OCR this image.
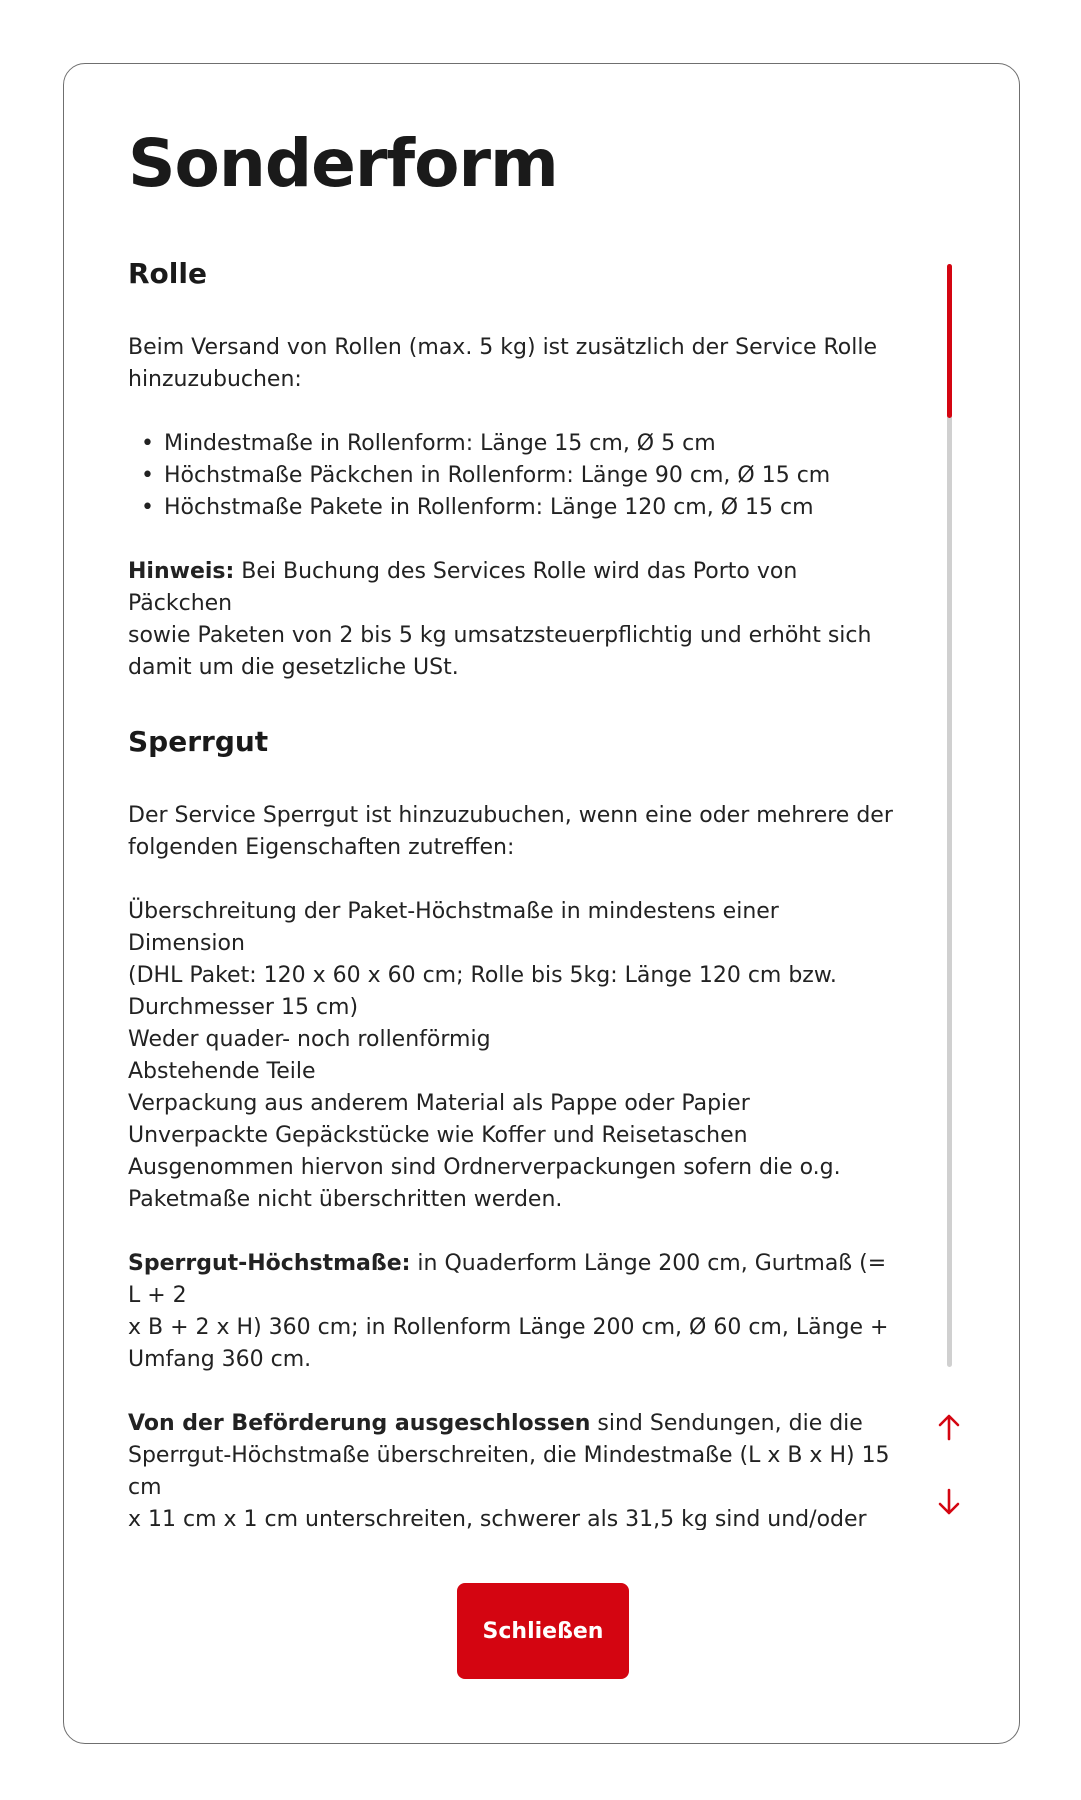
Sonderform
Rolle

Beim Versand von Rollen (max. 5 kg) ist zusätzlich der Service Rolle
hinzuzubuchen:

• Mindestmaße in Rollenform: Länge 15 cm, Ø 5 cm
• Höchstmaße Päckchen in Rollenform: Länge 90 cm, Ø 15 cm
• Höchstmaße Pakete in Rollenform: Länge 120 cm, Ø 15 cm

Hinweis: Bei Buchung des Services Rolle wird das Porto von Päckchen
sowie Paketen von 2 bis 5 kg umsatzsteuerpflichtig und erhöht sich
damit um die gesetzliche USt.

Sperrgut

Der Service Sperrgut ist hinzuzubuchen, wenn eine oder mehrere der
folgenden Eigenschaften zutreffen:

Überschreitung der Paket-Höchstmaße in mindestens einer Dimension
(DHL Paket: 120 x 60 x 60 cm; Rolle bis 5kg: Länge 120 cm bzw.
Durchmesser 15 cm)
Weder quader- noch rollenförmig
Abstehende Teile
Verpackung aus anderem Material als Pappe oder Papier
Unverpackte Gepäckstücke wie Koffer und Reisetaschen
Ausgenommen hiervon sind Ordnerverpackungen sofern die o.g.
Paketmaße nicht überschritten werden.

Sperrgut-Höchstmaße: in Quaderform Länge 200 cm, Gurtmaß (= L + 2
x B + 2 x H) 360 cm; in Rollenform Länge 200 cm, Ø 60 cm, Länge +
Umfang 360 cm.

Von der Beförderung ausgeschlossen sind Sendungen, die die
Sperrgut-Höchstmaße überschreiten, die Mindestmaße (L x B x H) 15 cm
x 11 cm x 1 cm unterschreiten, schwerer als 31,5 kg sind und/oder

Schließen
